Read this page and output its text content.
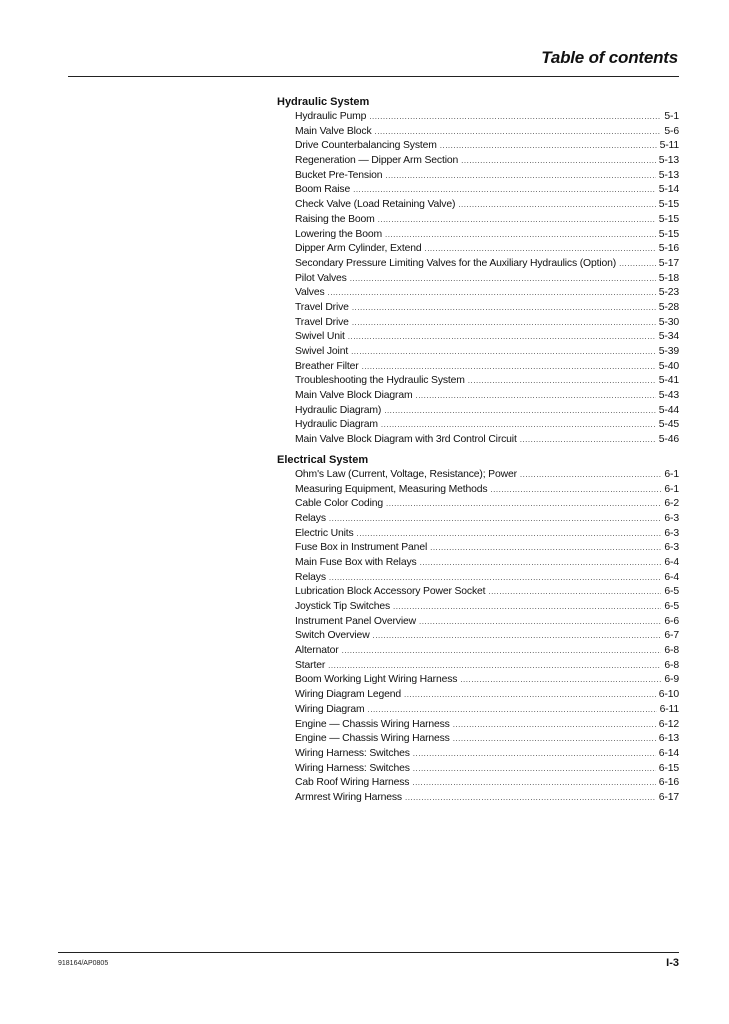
Table of contents
Hydraulic System
Hydraulic Pump .....	5-1
Main Valve Block .....	5-6
Drive Counterbalancing System .....	5-11
Regeneration — Dipper Arm Section .....	5-13
Bucket Pre-Tension .....	5-13
Boom Raise .....	5-14
Check Valve (Load Retaining Valve) .....	5-15
Raising the Boom .....	5-15
Lowering the Boom .....	5-15
Dipper Arm Cylinder, Extend .....	5-16
Secondary Pressure Limiting Valves for the Auxiliary Hydraulics (Option) .....	5-17
Pilot Valves .....	5-18
Valves .....	5-23
Travel Drive .....	5-28
Travel Drive .....	5-30
Swivel Unit .....	5-34
Swivel Joint .....	5-39
Breather Filter .....	5-40
Troubleshooting the Hydraulic System .....	5-41
Main Valve Block Diagram .....	5-43
Hydraulic Diagram) .....	5-44
Hydraulic Diagram .....	5-45
Main Valve Block Diagram with 3rd Control Circuit .....	5-46
Electrical System
Ohm's Law (Current, Voltage, Resistance); Power .....	6-1
Measuring Equipment, Measuring Methods .....	6-1
Cable Color Coding .....	6-2
Relays .....	6-3
Electric Units .....	6-3
Fuse Box in Instrument Panel .....	6-3
Main Fuse Box with Relays .....	6-4
Relays .....	6-4
Lubrication Block Accessory Power Socket .....	6-5
Joystick Tip Switches .....	6-5
Instrument Panel Overview .....	6-6
Switch Overview .....	6-7
Alternator .....	6-8
Starter .....	6-8
Boom Working Light Wiring Harness .....	6-9
Wiring Diagram Legend .....	6-10
Wiring Diagram .....	6-11
Engine — Chassis Wiring Harness .....	6-12
Engine — Chassis Wiring Harness .....	6-13
Wiring Harness: Switches .....	6-14
Wiring Harness: Switches .....	6-15
Cab Roof Wiring Harness .....	6-16
Armrest Wiring Harness .....	6-17
918164/AP0805	I-3
